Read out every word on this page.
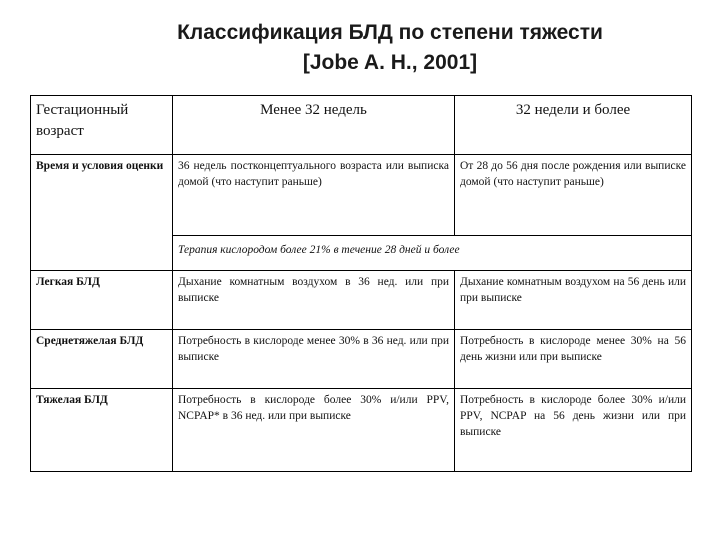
Классификация БЛД по степени тяжести
[Jobe A. H., 2001]
Гестационный возраст	Менее 32 недель	32 недели и более
Время и условия оценки	36 недель постконцептуального возраста или выписка домой (что наступит раньше)	От 28 до 56 дня после рождения или выписке домой (что наступит раньше)
	Терапия кислородом более 21% в течение 28 дней и более	
Легкая БЛД	Дыхание комнатным воздухом в 36 нед. или при выписке	Дыхание комнатным воздухом на 56 день или при выписке
Среднетяжелая БЛД	Потребность в кислороде менее 30% в 36 нед. или при выписке	Потребность в кислороде менее 30% на 56 день жизни или при выписке
Тяжелая БЛД	Потребность в кислороде более 30% и/или PPV, NCPAP* в 36 нед. или при выписке	Потребность в кислороде более 30% и/или PPV, NCPAP на 56 день жизни или при выписке
